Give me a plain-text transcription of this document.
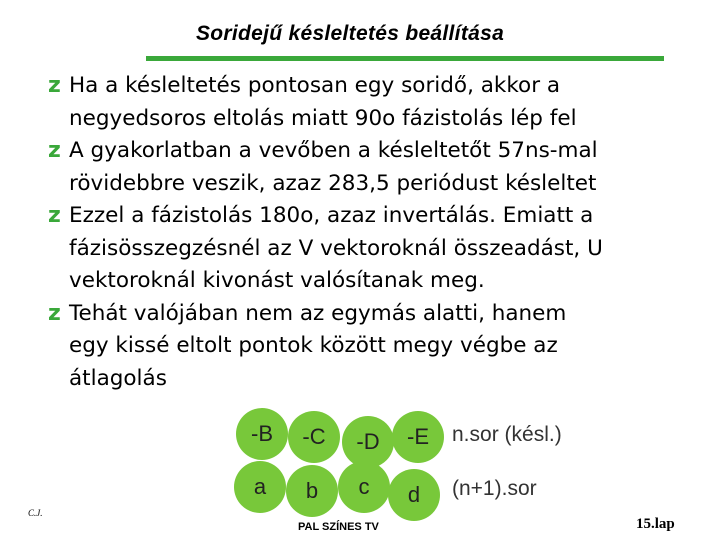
Soridejű késleltetés beállítása
z Ha a késleltetés pontosan egy soridő, akkor a
negyedsoros eltolás miatt 90o fázistolás lép fel
z A gyakorlatban a vevőben a késleltetőt 57ns-mal
rövidebbre veszik, azaz 283,5 periódust késleltet
z Ezzel a fázistolás 180o, azaz invertálás. Emiatt a
fázisösszegzésnél az V vektoroknál összeadást, U
vektoroknál kivonást valósítanak meg.
z Tehát valójában nem az egymás alatti, hanem
egy kissé eltolt pontok között megy végbe az
átlagolás
-B	-C	-D	-E	n.sor (késl.)
a	b	c	d	(n+1).sor
C.J.
PAL SZÍNES TV	15.lap
